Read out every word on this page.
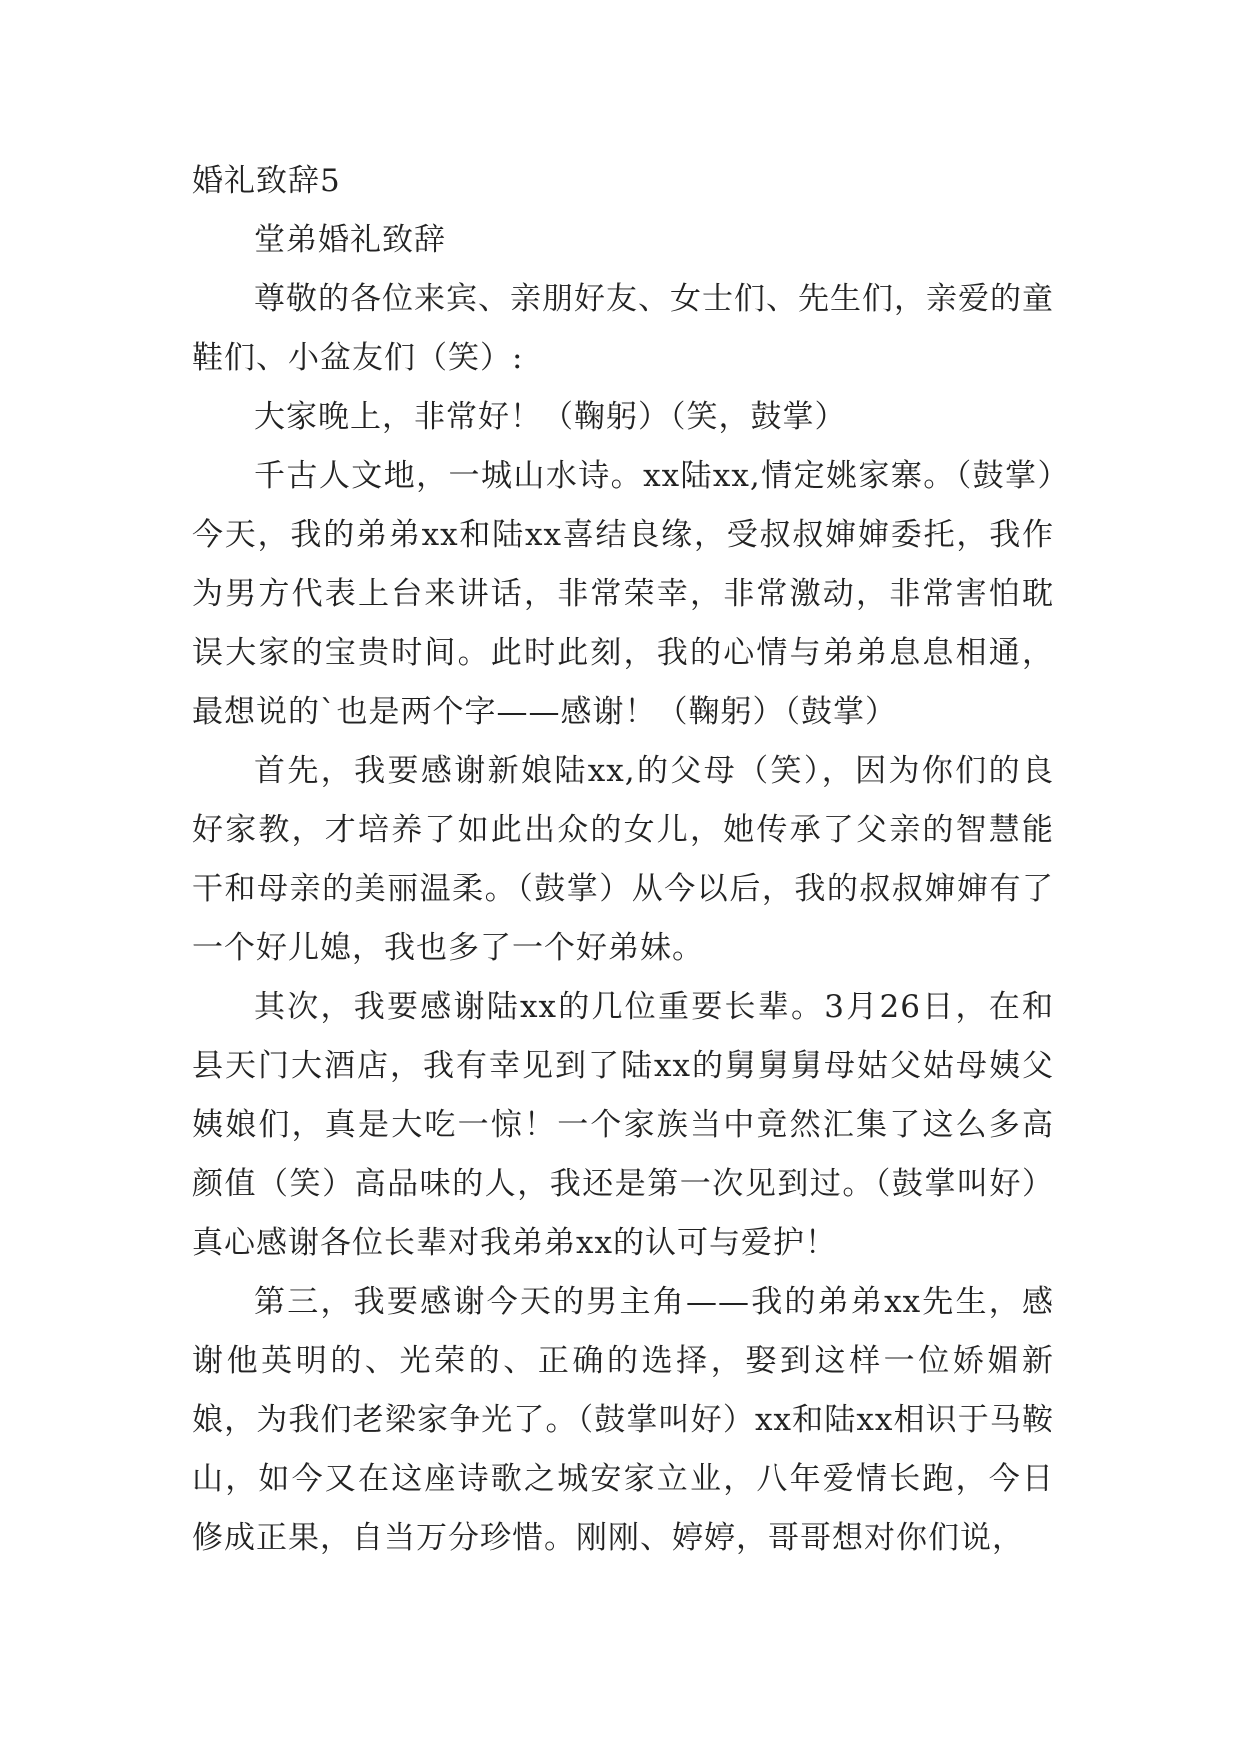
婚礼致辞5
堂弟婚礼致辞

尊敬的各位来宾、亲朋好友、女士们、先生们，亲爱的童鞋们、小盆友们（笑）:

大家晚上，非常好！（鞠躬）（笑，鼓掌）

千古人文地，一城山水诗。xx陆xx,情定姚家寨。（鼓掌）今天，我的弟弟xx和陆xx喜结良缘，受叔叔婶婶委托，我作为男方代表上台来讲话，非常荣幸，非常激动，非常害怕耽误大家的宝贵时间。此时此刻，我的心情与弟弟息息相通，最想说的`也是两个字——感谢！（鞠躬）（鼓掌）

首先，我要感谢新娘陆xx,的父母（笑），因为你们的良好家教，才培养了如此出众的女儿，她传承了父亲的智慧能干和母亲的美丽温柔。（鼓掌）从今以后，我的叔叔婶婶有了一个好儿媳，我也多了一个好弟妹。

其次，我要感谢陆xx的几位重要长辈。3月26日，在和县天门大酒店，我有幸见到了陆xx的舅舅舅母姑父姑母姨父姨娘们，真是大吃一惊！一个家族当中竟然汇集了这么多高颜值（笑）高品味的人，我还是第一次见到过。（鼓掌叫好）真心感谢各位长辈对我弟弟xx的认可与爱护！

第三，我要感谢今天的男主角——我的弟弟xx先生，感谢他英明的、光荣的、正确的选择，娶到这样一位娇媚新娘，为我们老梁家争光了。（鼓掌叫好）xx和陆xx相识于马鞍山，如今又在这座诗歌之城安家立业，八年爱情长跑，今日修成正果，自当万分珍惜。刚刚、婷婷，哥哥想对你们说，
